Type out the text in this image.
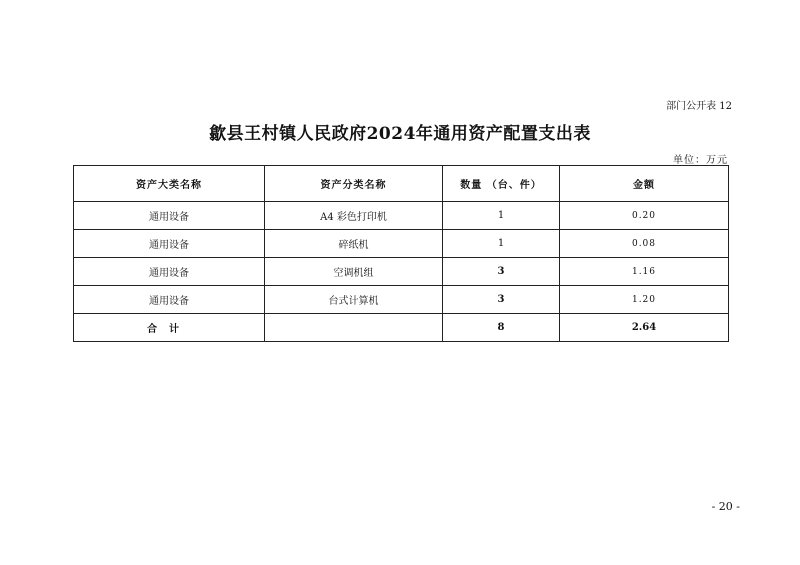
部门公开表 12
歙县王村镇人民政府2024年通用资产配置支出表
单位：万元
资产大类名称	资产分类名称	数量 （台、件）	金额
通用设备	A4 彩色打印机	1	0.20
通用设备	碎纸机	1	0.08
通用设备	空调机组	3	1.16
通用设备	台式计算机	3	1.20
合计		8	2.64
- 20 -
